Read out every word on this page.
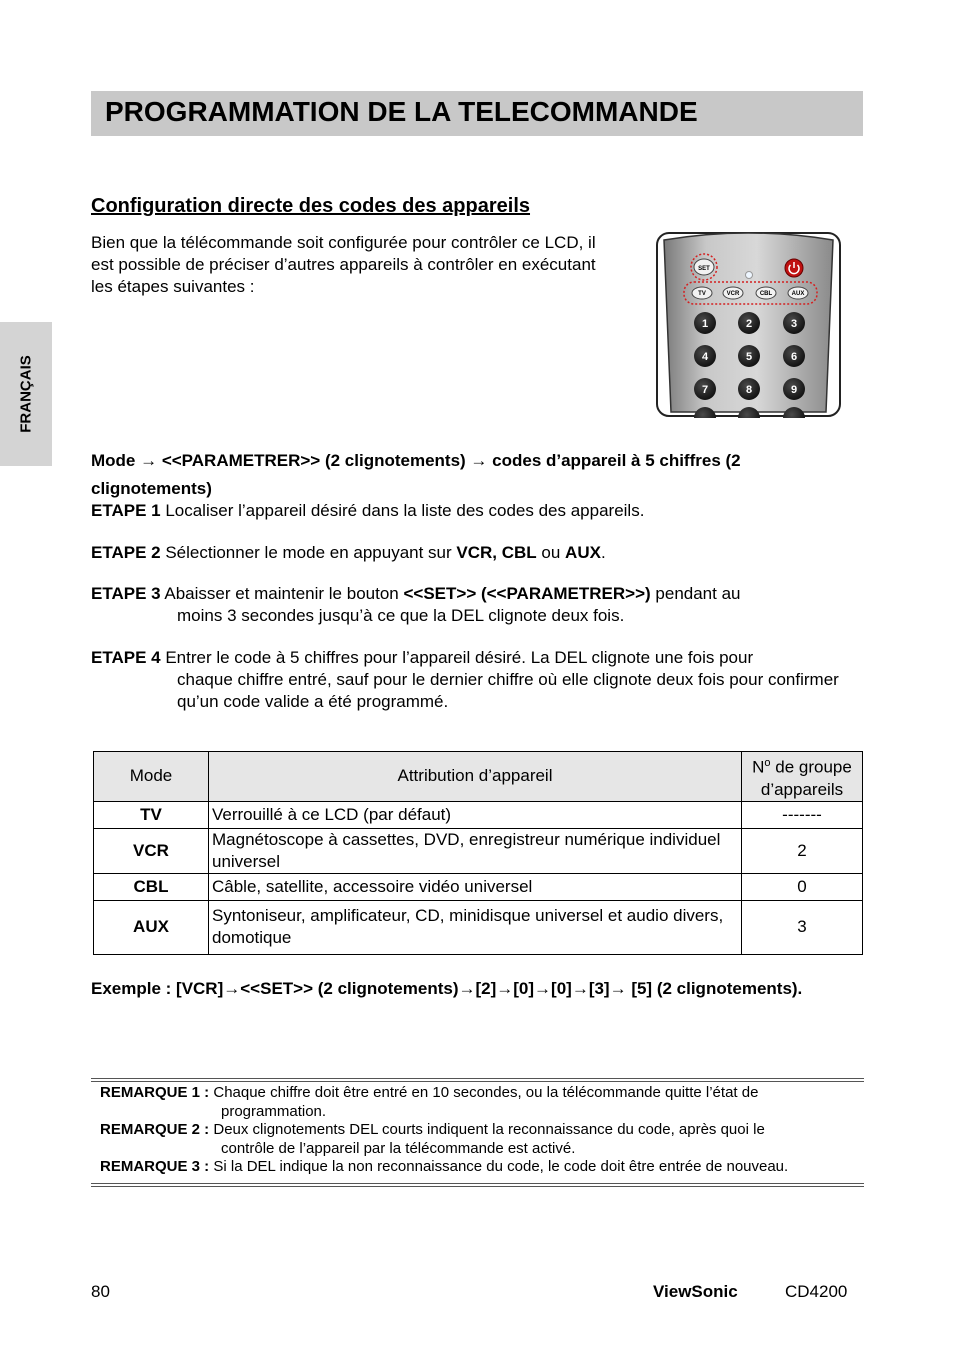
PROGRAMMATION DE LA TELECOMMANDE
FRANÇAIS
Configuration directe des codes des appareils
Bien que la télécommande soit configurée pour contrôler ce LCD, il est possible de préciser d’autres appareils à contrôler en exécutant les étapes suivantes :
SET
TV	VCR	CBL	AUX
1	2	3
4	5	6
7	8	9
Mode → <<PARAMETRER>> (2 clignotements) → codes d’appareil à 5 chiffres (2 clignotements)
ETAPE 1 Localiser l’appareil désiré dans la liste des codes des appareils.
ETAPE 2 Sélectionner le mode en appuyant sur VCR, CBL ou AUX.
ETAPE 3 Abaisser et maintenir le bouton <<SET>> (<<PARAMETRER>>) pendant au
moins 3 secondes jusqu’à ce que la DEL clignote deux fois.
ETAPE 4 Entrer le code à 5 chiffres pour l’appareil désiré. La DEL clignote une fois pour
chaque chiffre entré, sauf pour le dernier chiffre où elle clignote deux fois pour confirmer qu’un code valide a été programmé.
Mode	Attribution d’appareil	$N^o$ de groupe d’appareils
TV	Verrouillé à ce LCD (par défaut)	-------
VCR	Magnétoscope à cassettes, DVD, enregistreur numérique individuel universel	2
CBL	Câble, satellite, accessoire vidéo universel	0
AUX	Syntoniseur, amplificateur, CD, minidisque universel et audio divers, domotique	3
Exemple : [VCR]→<<SET>> (2 clignotements)→[2]→[0]→[0]→[3]→ [5] (2 clignotements).
REMARQUE 1 : Chaque chiffre doit être entré en 10 secondes, ou la télécommande quitte l’état de
programmation.
REMARQUE 2 : Deux clignotements DEL courts indiquent la reconnaissance du code, après quoi le
contrôle de l’appareil par la télécommande est activé.
REMARQUE 3 : Si la DEL indique la non reconnaissance du code, le code doit être entrée de nouveau.
80	ViewSonic	CD4200
